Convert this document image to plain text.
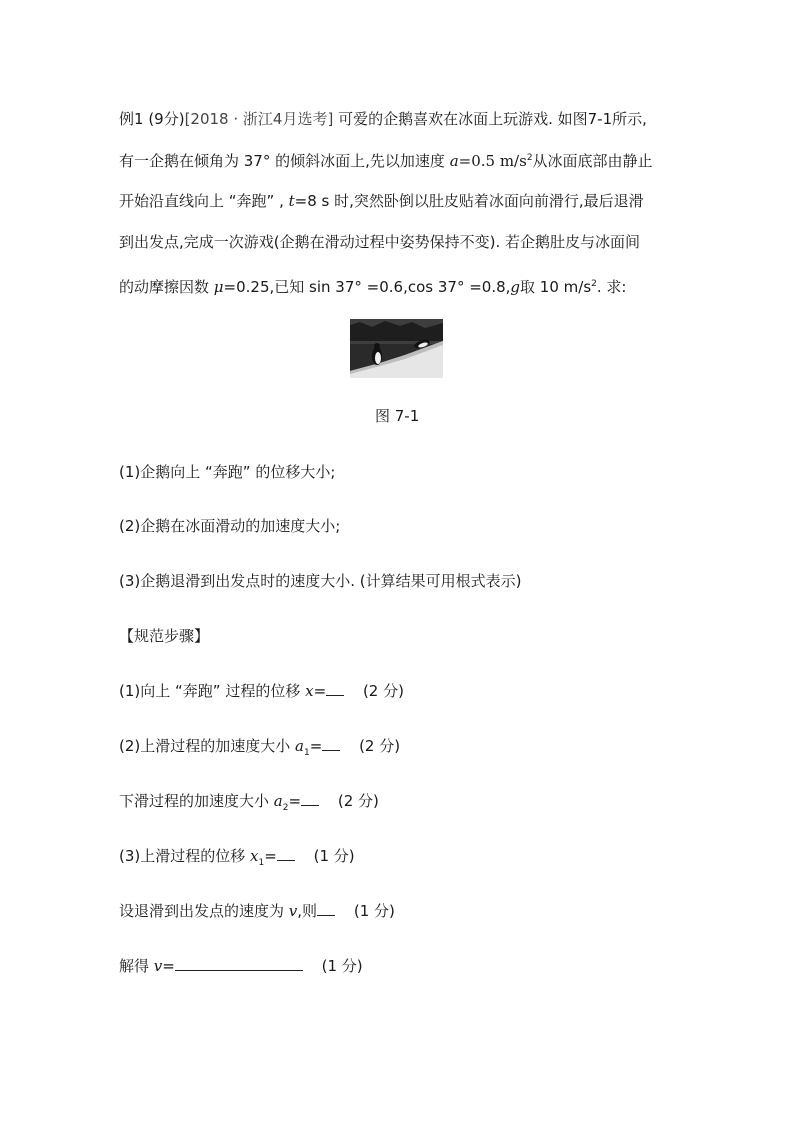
例1 (9分)[2018 · 浙江4月选考] 可爱的企鹅喜欢在冰面上玩游戏. 如图7-1所示,
有一企鹅在倾角为 37° 的倾斜冰面上,先以加速度 a=0.5 $m/s^2$从冰面底部由静止
开始沿直线向上 “奔跑” , t=8 s 时,突然卧倒以肚皮贴着冰面向前滑行,最后退滑
到出发点,完成一次游戏(企鹅在滑动过程中姿势保持不变). 若企鹅肚皮与冰面间
的动摩擦因数 μ=0.25,已知 sin 37° =0.6,cos 37° =0.8,g取 10 $m/s^2$. 求:
图 7-1
(1)企鹅向上 “奔跑” 的位移大小;
(2)企鹅在冰面滑动的加速度大小;
(3)企鹅退滑到出发点时的速度大小. (计算结果可用根式表示)
【规范步骤】
(1)向上 “奔跑” 过程的位移 x= (2 分)
(2)上滑过程的加速度大小 $a_1= (2$ 分)
下滑过程的加速度大小 $a_2= (2$ 分)
(3)上滑过程的位移 $x_1= (1$ 分)
设退滑到出发点的速度为 v,则 (1 分)
解得 v=	(1 分)
